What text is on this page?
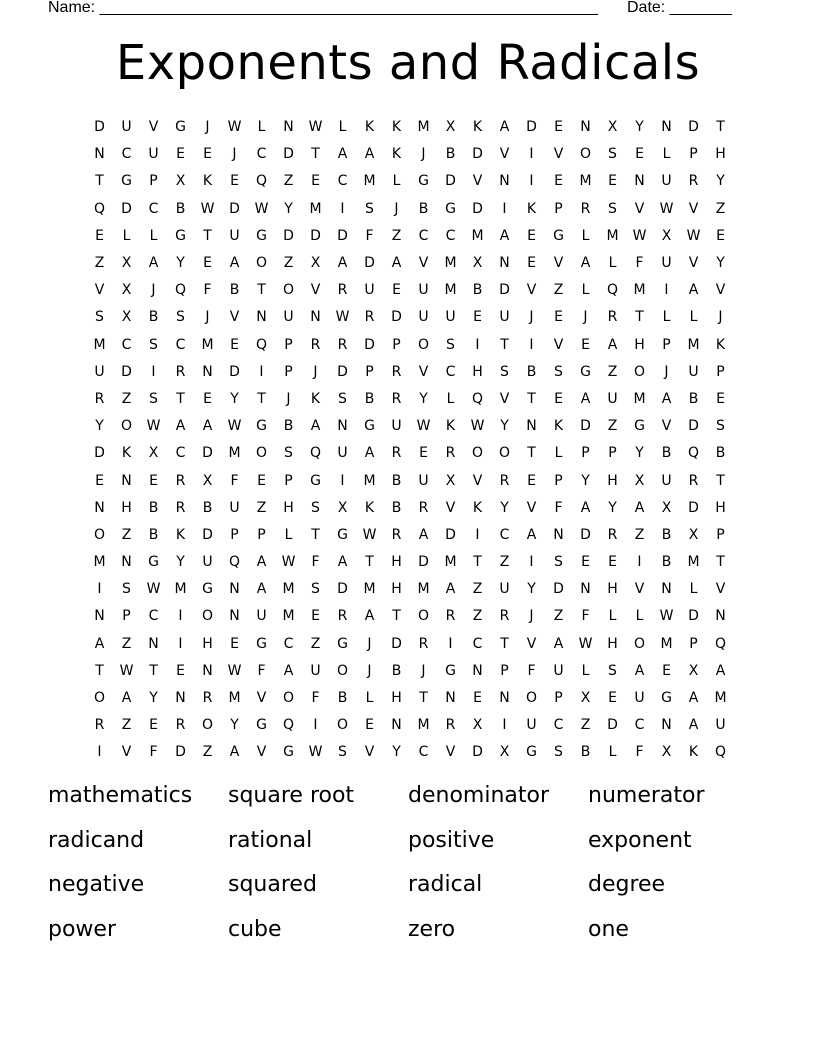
Name: ________________________________________________________ Date: _______
Exponents and Radicals
D	U	V	G	J	W	L	N	W	L	K	K	M	X	K	A	D	E	N	X	Y	N	D	T
N	C	U	E	E	J	C	D	T	A	A	K	J	B	D	V	I	V	O	S	E	L	P	H
T	G	P	X	K	E	Q	Z	E	C	M	L	G	D	V	N	I	E	M	E	N	U	R	Y
Q	D	C	B	W	D	W	Y	M	I	S	J	B	G	D	I	K	P	R	S	V	W	V	Z
E	L	L	G	T	U	G	D	D	D	F	Z	C	C	M	A	E	G	L	M	W	X	W	E
Z	X	A	Y	E	A	O	Z	X	A	D	A	V	M	X	N	E	V	A	L	F	U	V	Y
V	X	J	Q	F	B	T	O	V	R	U	E	U	M	B	D	V	Z	L	Q	M	I	A	V
S	X	B	S	J	V	N	U	N	W	R	D	U	U	E	U	J	E	J	R	T	L	L	J
M	C	S	C	M	E	Q	P	R	R	D	P	O	S	I	T	I	V	E	A	H	P	M	K
U	D	I	R	N	D	I	P	J	D	P	R	V	C	H	S	B	S	G	Z	O	J	U	P
R	Z	S	T	E	Y	T	J	K	S	B	R	Y	L	Q	V	T	E	A	U	M	A	B	E
Y	O	W	A	A	W	G	B	A	N	G	U	W	K	W	Y	N	K	D	Z	G	V	D	S
D	K	X	C	D	M	O	S	Q	U	A	R	E	R	O	O	T	L	P	P	Y	B	Q	B
E	N	E	R	X	F	E	P	G	I	M	B	U	X	V	R	E	P	Y	H	X	U	R	T
N	H	B	R	B	U	Z	H	S	X	K	B	R	V	K	Y	V	F	A	Y	A	X	D	H
O	Z	B	K	D	P	P	L	T	G	W	R	A	D	I	C	A	N	D	R	Z	B	X	P
M	N	G	Y	U	Q	A	W	F	A	T	H	D	M	T	Z	I	S	E	E	I	B	M	T
I	S	W	M	G	N	A	M	S	D	M	H	M	A	Z	U	Y	D	N	H	V	N	L	V
N	P	C	I	O	N	U	M	E	R	A	T	O	R	Z	R	J	Z	F	L	L	W	D	N
A	Z	N	I	H	E	G	C	Z	G	J	D	R	I	C	T	V	A	W	H	O	M	P	Q
T	W	T	E	N	W	F	A	U	O	J	B	J	G	N	P	F	U	L	S	A	E	X	A
O	A	Y	N	R	M	V	O	F	B	L	H	T	N	E	N	O	P	X	E	U	G	A	M
R	Z	E	R	O	Y	G	Q	I	O	E	N	M	R	X	I	U	C	Z	D	C	N	A	U
I	V	F	D	Z	A	V	G	W	S	V	Y	C	V	D	X	G	S	B	L	F	X	K	Q
mathematics	square root	denominator	numerator
radicand	rational	positive	exponent
negative	squared	radical	degree
power	cube	zero	one
